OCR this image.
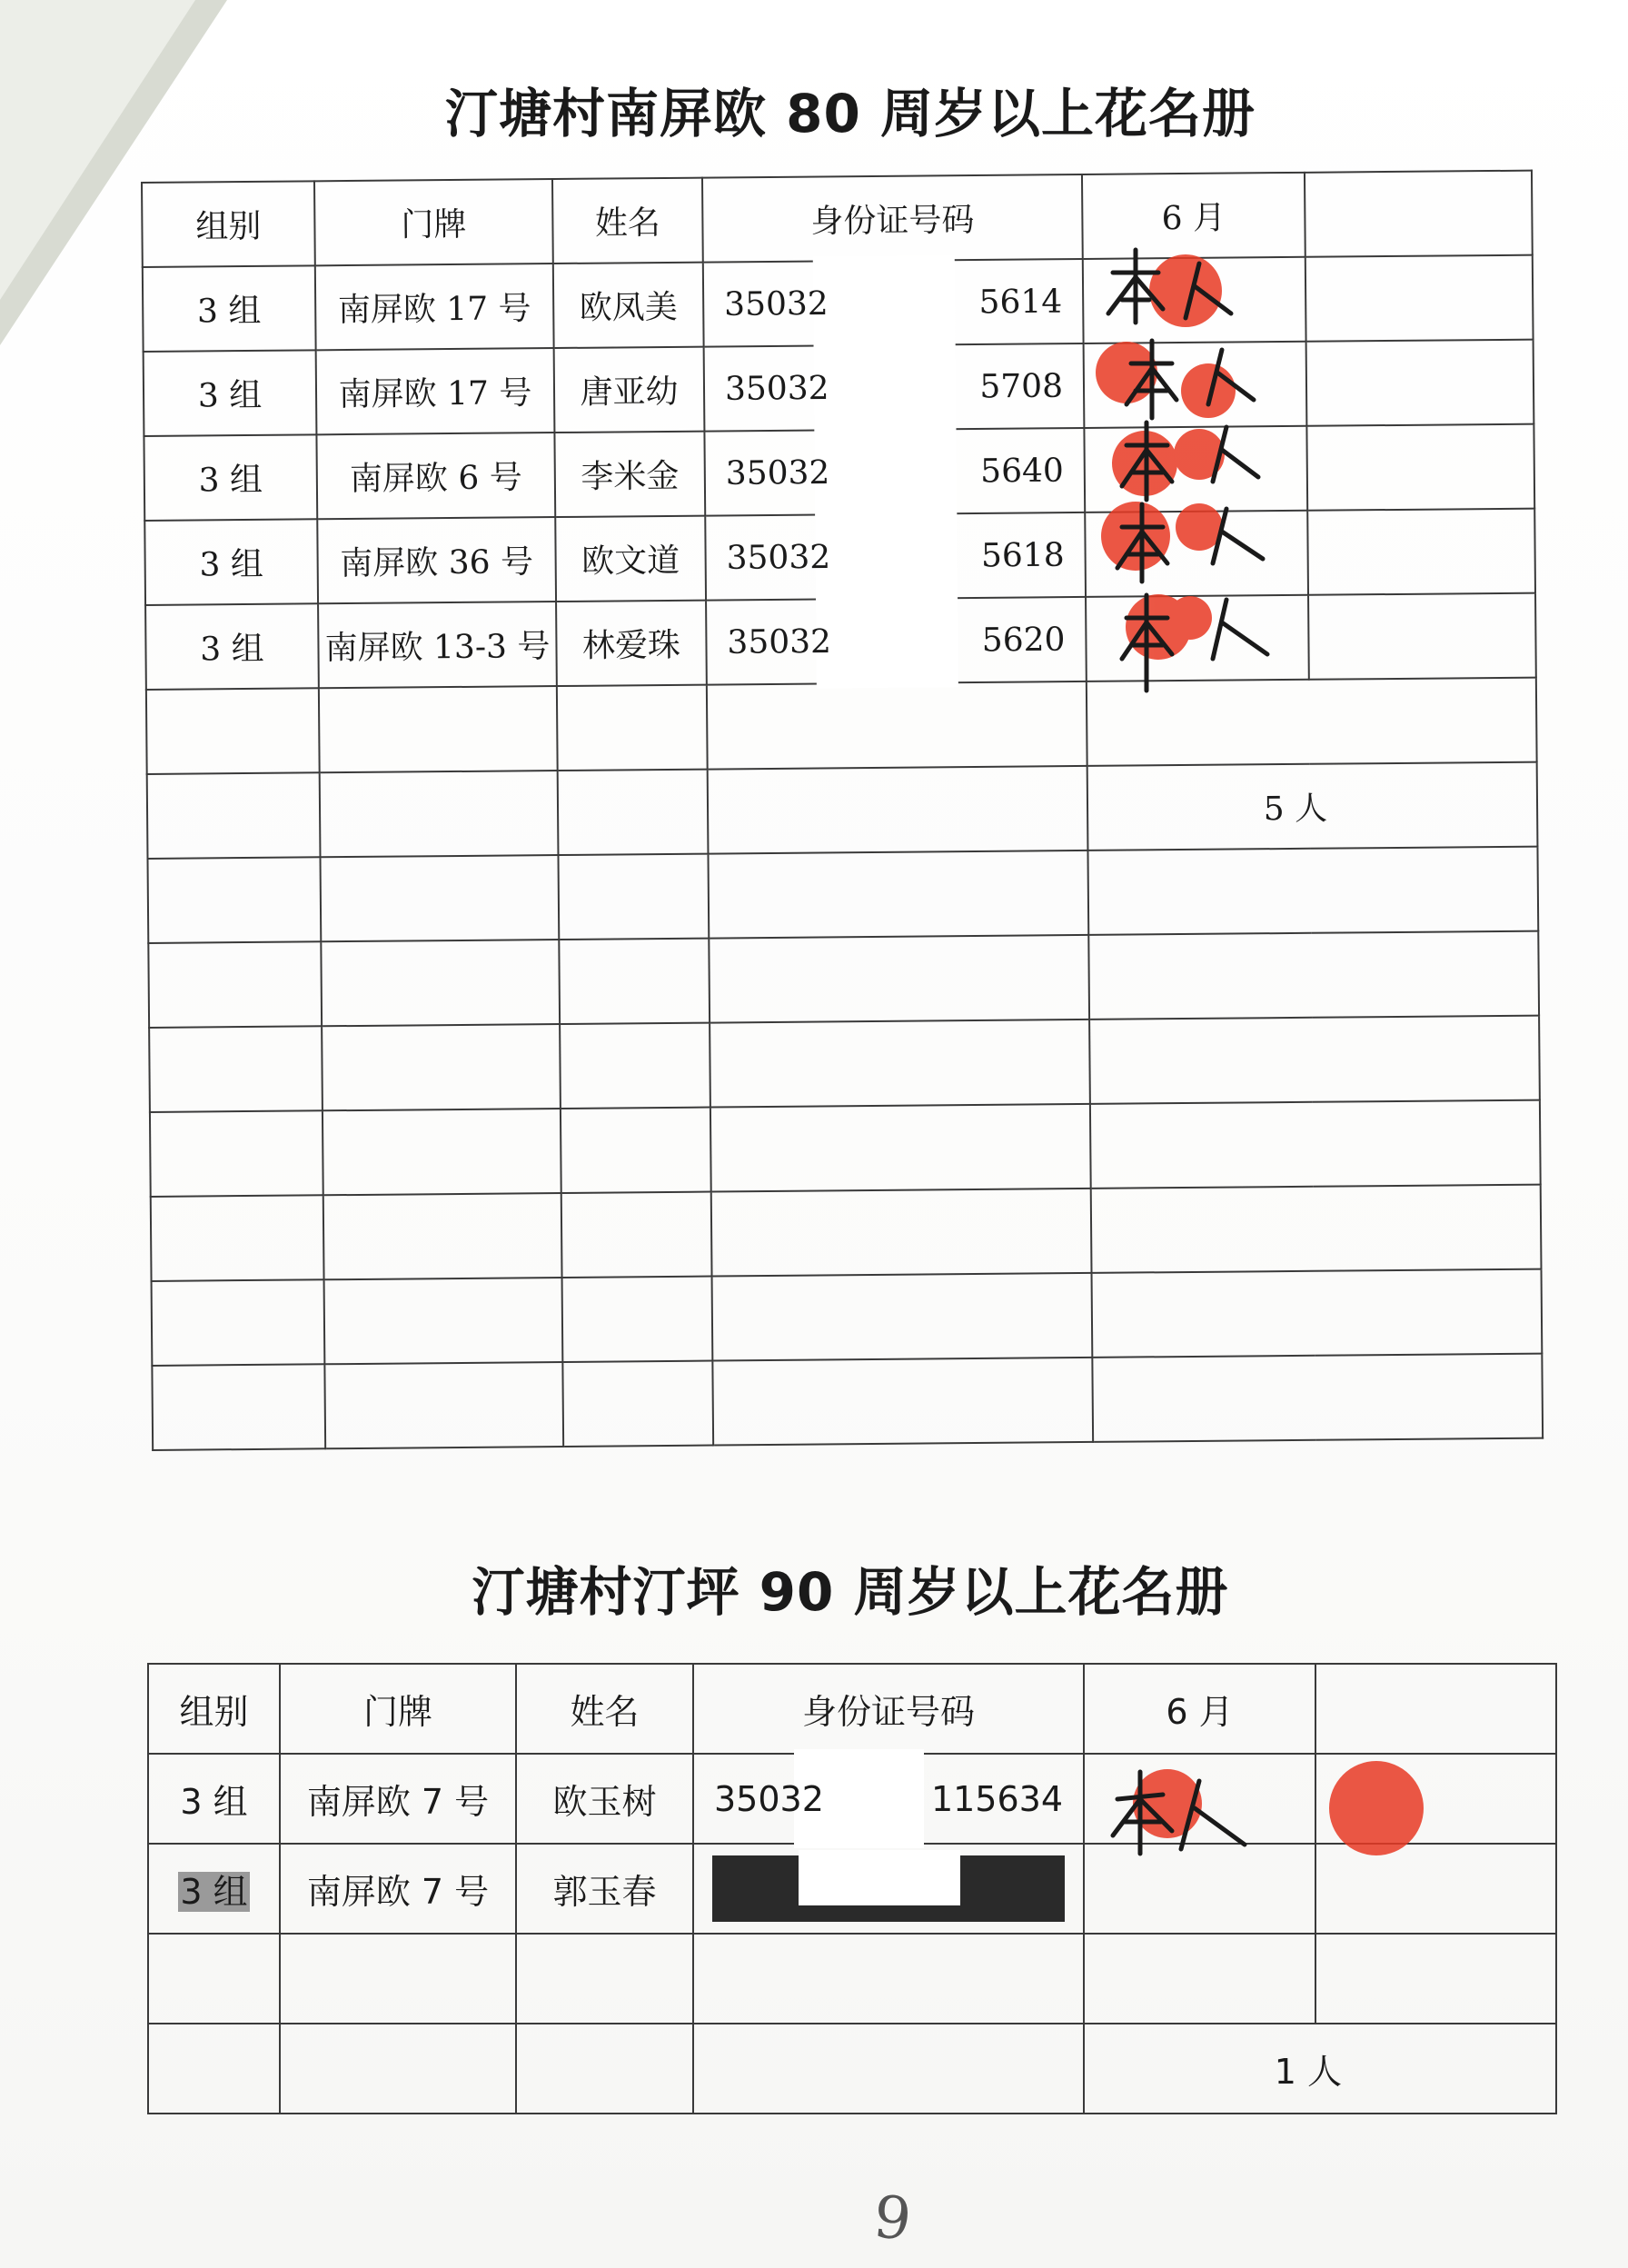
汀塘村南屏欧 80 周岁以上花名册
组别	门牌	姓名	身份证号码	6 月	
3 组	南屏欧 17 号	欧凤美	35032 5614		

3 组	南屏欧 17 号	唐亚幼	35032 5708		

3 组	南屏欧 6 号	李米金	35032 5640		

3 组	南屏欧 36 号	欧文道	35032 5618		

3 组	南屏欧 13-3 号	林爱珠	35032 5620		

				5 人	

汀塘村汀坪 90 周岁以上花名册
组别	门牌	姓名	身份证号码	6 月	
3 组	南屏欧 7 号	欧玉树	35032 115634		

3 组	南屏欧 7 号	郭玉春	

				1 人	
9
